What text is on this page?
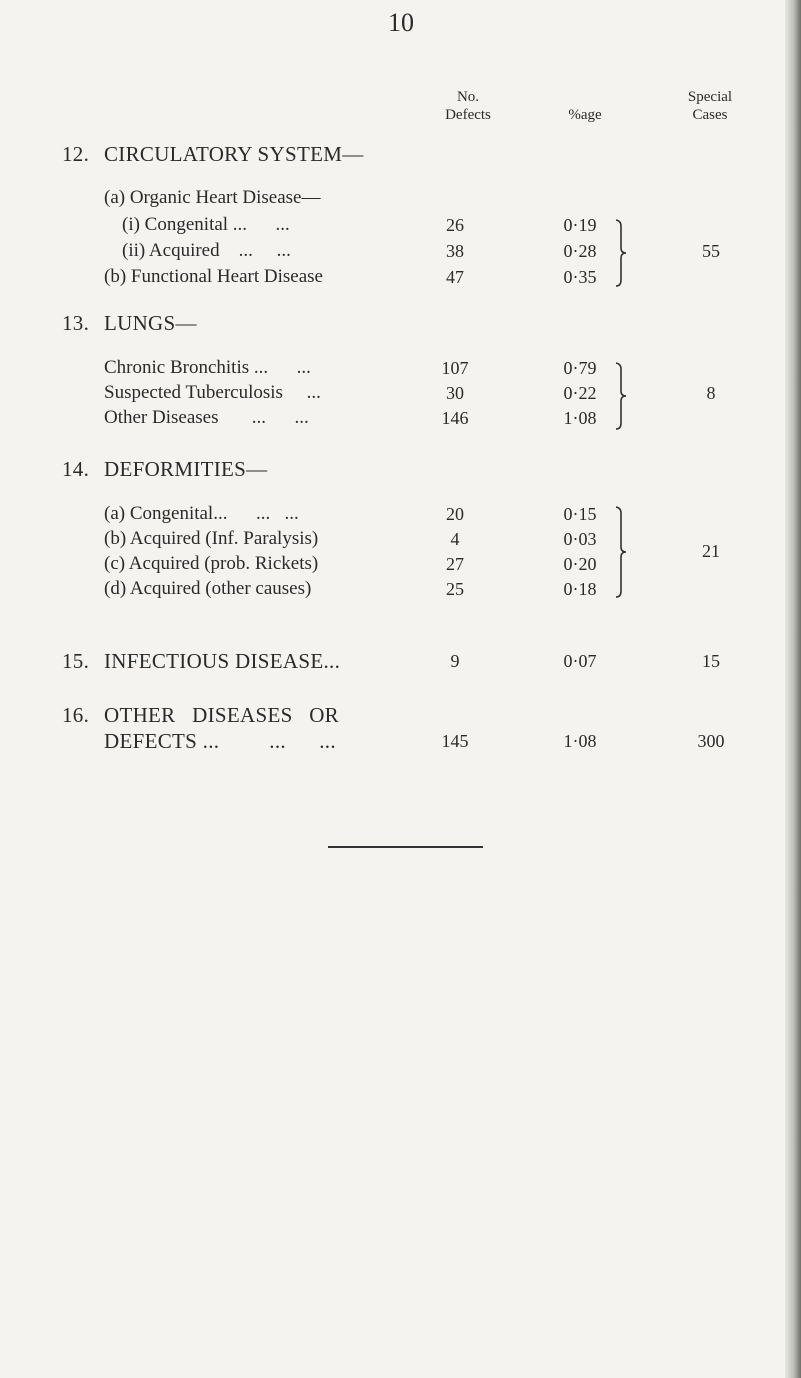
10
No.
Defects	%age
Special
Cases
12. CIRCULATORY SYSTEM—
(a) Organic Heart Disease—
(i) Congenital ...      ...	26	0·19
(ii) Acquired    ...     ...	38	0·28
(b) Functional Heart Disease	47	0·35
55
13. LUNGS—
Chronic Bronchitis ...      ...	107	0·79
Suspected Tuberculosis     ...	30	0·22
Other Diseases       ...      ...	146	1·08
8
14. DEFORMITIES—
(a) Congenital...      ...   ...	20	0·15
(b) Acquired (Inf. Paralysis)	4	0·03
(c) Acquired (prob. Rickets)	27	0·20
(d) Acquired (other causes)	25	0·18
21
15. INFECTIOUS DISEASE...	9	0·07	15
16. OTHER   DISEASES   OR
DEFECTS ...         ...      ...	145	1·08	300
